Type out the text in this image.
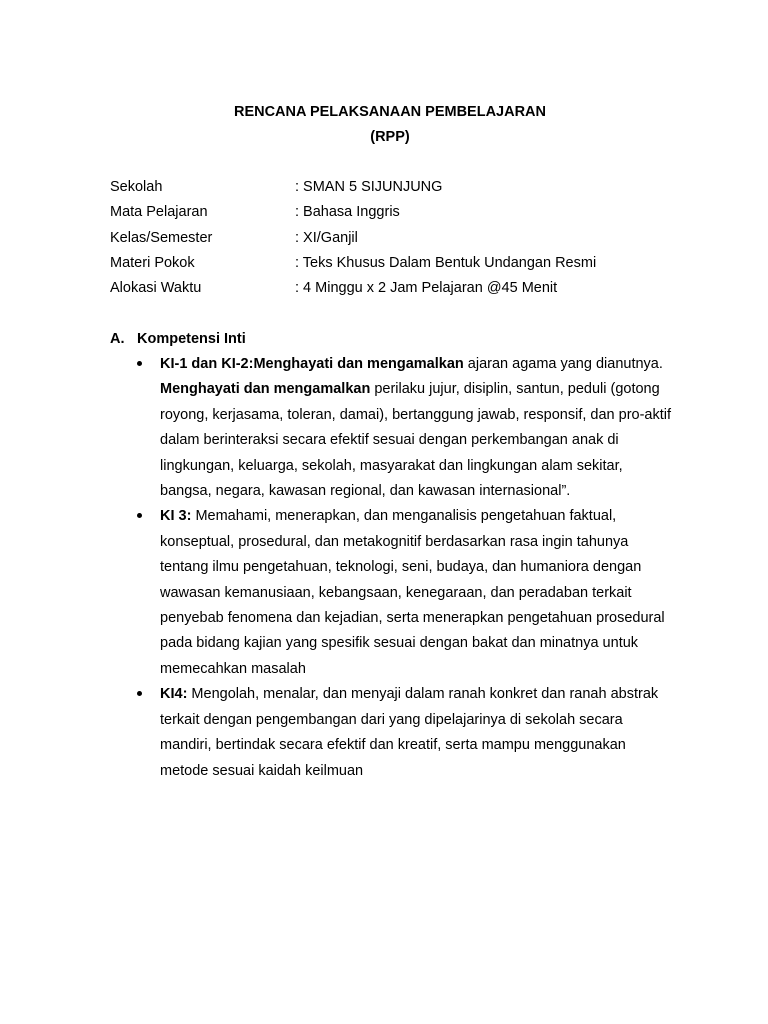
RENCANA PELAKSANAAN PEMBELAJARAN
(RPP)
Sekolah	: SMAN 5 SIJUNJUNG
Mata Pelajaran	: Bahasa Inggris
Kelas/Semester	: XI/Ganjil
Materi Pokok	: Teks Khusus Dalam Bentuk Undangan Resmi
Alokasi Waktu	: 4 Minggu x 2 Jam Pelajaran @45 Menit
A. Kompetensi Inti
KI-1 dan KI-2:Menghayati dan mengamalkan ajaran agama yang dianutnya. Menghayati dan mengamalkan perilaku jujur, disiplin, santun, peduli (gotong royong, kerjasama, toleran, damai), bertanggung jawab, responsif, dan pro-aktif dalam berinteraksi secara efektif sesuai dengan perkembangan anak di lingkungan, keluarga, sekolah, masyarakat dan lingkungan alam sekitar, bangsa, negara, kawasan regional, dan kawasan internasional”.
KI 3: Memahami, menerapkan, dan menganalisis pengetahuan faktual, konseptual, prosedural, dan metakognitif berdasarkan rasa ingin tahunya tentang ilmu pengetahuan, teknologi, seni, budaya, dan humaniora dengan wawasan kemanusiaan, kebangsaan, kenegaraan, dan peradaban terkait penyebab fenomena dan kejadian, serta menerapkan pengetahuan prosedural pada bidang kajian yang spesifik sesuai dengan bakat dan minatnya untuk memecahkan masalah
KI4: Mengolah, menalar, dan menyaji dalam ranah konkret dan ranah abstrak terkait dengan pengembangan dari yang dipelajarinya di sekolah secara mandiri, bertindak secara efektif dan kreatif, serta mampu menggunakan metode sesuai kaidah keilmuan
